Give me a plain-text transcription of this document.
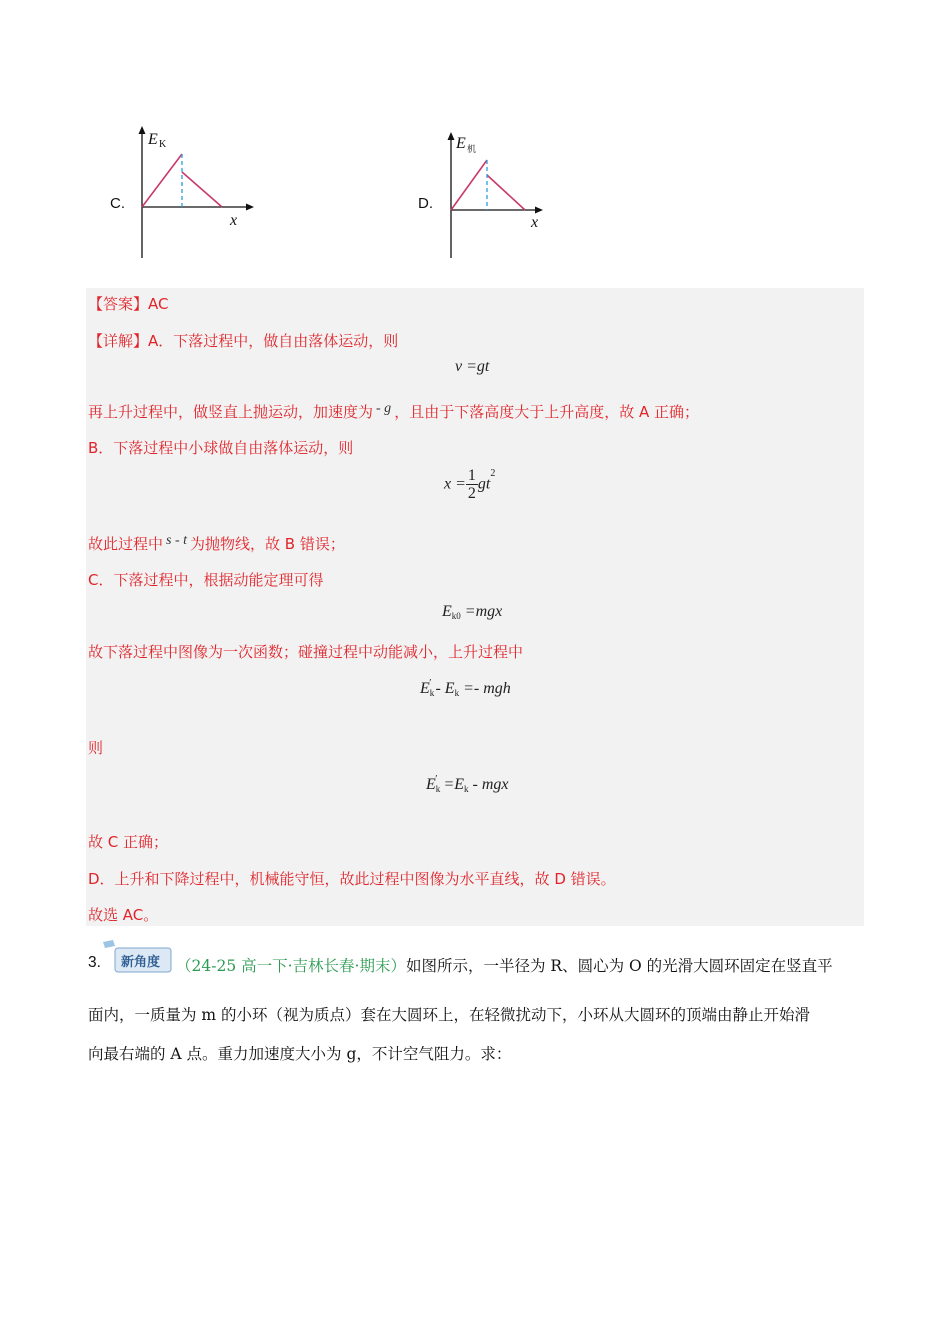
C.
E K
x
D.
E 机
x
【答案】AC
【详解】A．下落过程中，做自由落体运动，则
v =gt
再上升过程中，做竖直上抛运动，加速度为 - g ，且由于下落高度大于上升高度，故 A 正确；
B．下落过程中小球做自由落体运动，则
$x = \frac{1}{2} gt^2$
故此过程中 s - t 为抛物线，故 B 错误；
C．下落过程中，根据动能定理可得
$E_{k0} =mgx$
故下落过程中图像为一次函数；碰撞过程中动能减小，上升过程中
$E_k' - E_k$ =- mgh
则
$E_k' =E_k$ - mgx
故 C 正确；
D．上升和下降过程中，机械能守恒，故此过程中图像为水平直线，故 D 错误。
故选 AC。
3. 新角度 （24-25 高一下·吉林长春·期末）如图所示，一半径为 R、圆心为 O 的光滑大圆环固定在竖直平
面内，一质量为 m 的小环（视为质点）套在大圆环上，在轻微扰动下，小环从大圆环的顶端由静止开始滑
向最右端的 A 点。重力加速度大小为 g，不计空气阻力。求：
